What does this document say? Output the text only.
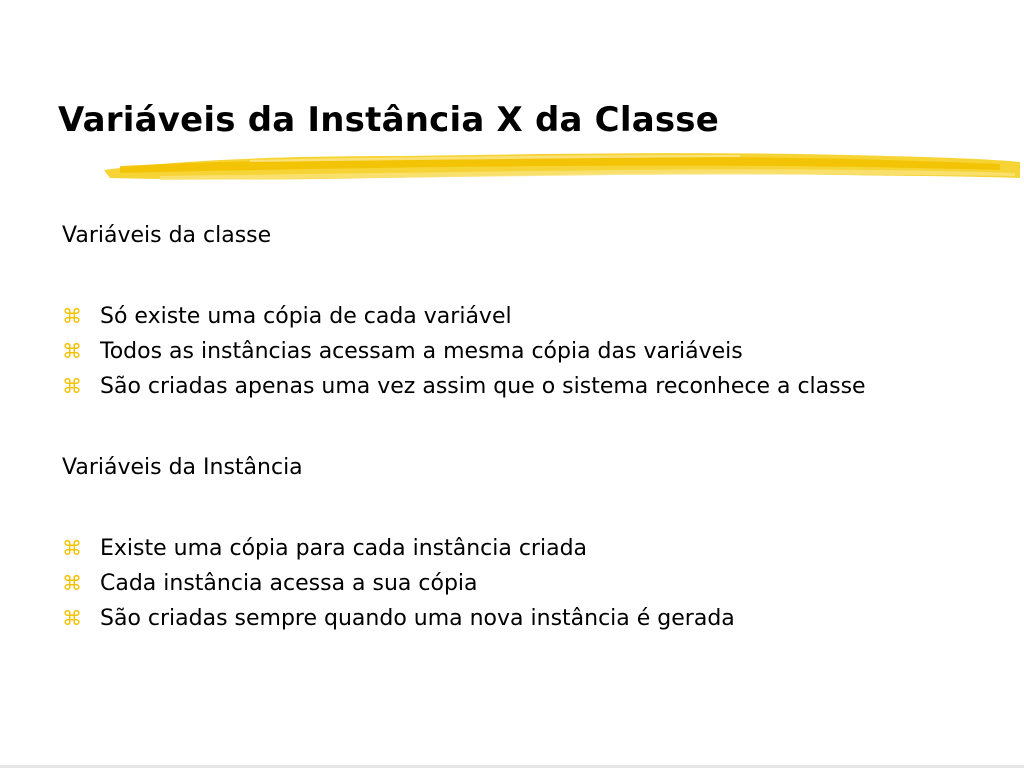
Variáveis da Instância X da Classe
Variáveis da classe
⌘ Só existe uma cópia de cada variável
⌘ Todos as instâncias acessam a mesma cópia das variáveis
⌘ São criadas apenas uma vez assim que o sistema reconhece a classe
Variáveis da Instância
⌘ Existe uma cópia para cada instância criada
⌘ Cada instância acessa a sua cópia
⌘ São criadas sempre quando uma nova instância é gerada
